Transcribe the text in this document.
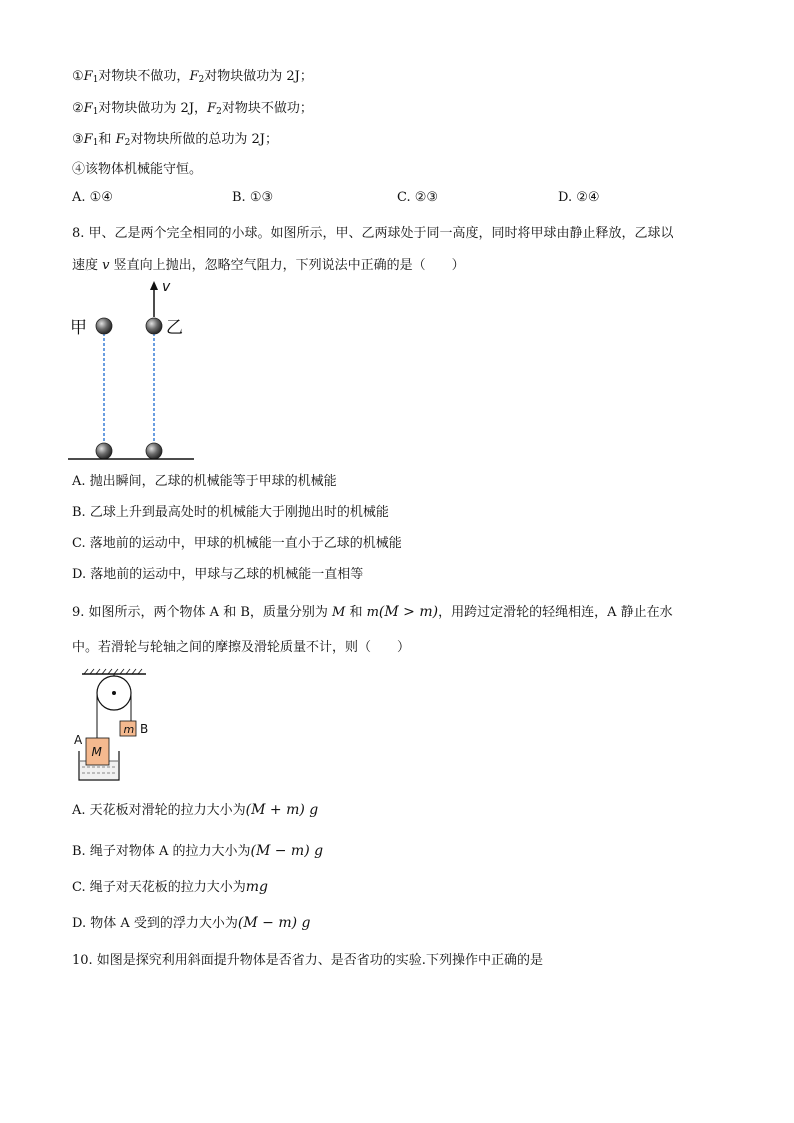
$①F_1$对物块不做功，$F_2$对物块做功为 2J；
$②F_1$对物块做功为 2J，$F_2$对物块不做功；
$③F_1$和 $F_2$对物块所做的总功为 2J；
④该物体机械能守恒。
A. ①④	B. ①③	C. ②③	D. ②④
8. 甲、乙是两个完全相同的小球。如图所示，甲、乙两球处于同一高度，同时将甲球由静止释放，乙球以
速度 v 竖直向上抛出，忽略空气阻力，下列说法中正确的是（　　）
甲	乙
v
A. 抛出瞬间，乙球的机械能等于甲球的机械能
B. 乙球上升到最高处时的机械能大于刚抛出时的机械能
C. 落地前的运动中，甲球的机械能一直小于乙球的机械能
D. 落地前的运动中，甲球与乙球的机械能一直相等
9. 如图所示，两个物体 A 和 B，质量分别为 M 和 m(M > m)，用跨过定滑轮的轻绳相连，A 静止在水
中。若滑轮与轮轴之间的摩擦及滑轮质量不计，则（　　）
m B
A
M
A. 天花板对滑轮的拉力大小为(M + m) g
B. 绳子对物体 A 的拉力大小为(M − m) g
C. 绳子对天花板的拉力大小为mg
D. 物体 A 受到的浮力大小为(M − m) g
10. 如图是探究利用斜面提升物体是否省力、是否省功的实验.下列操作中正确的是
